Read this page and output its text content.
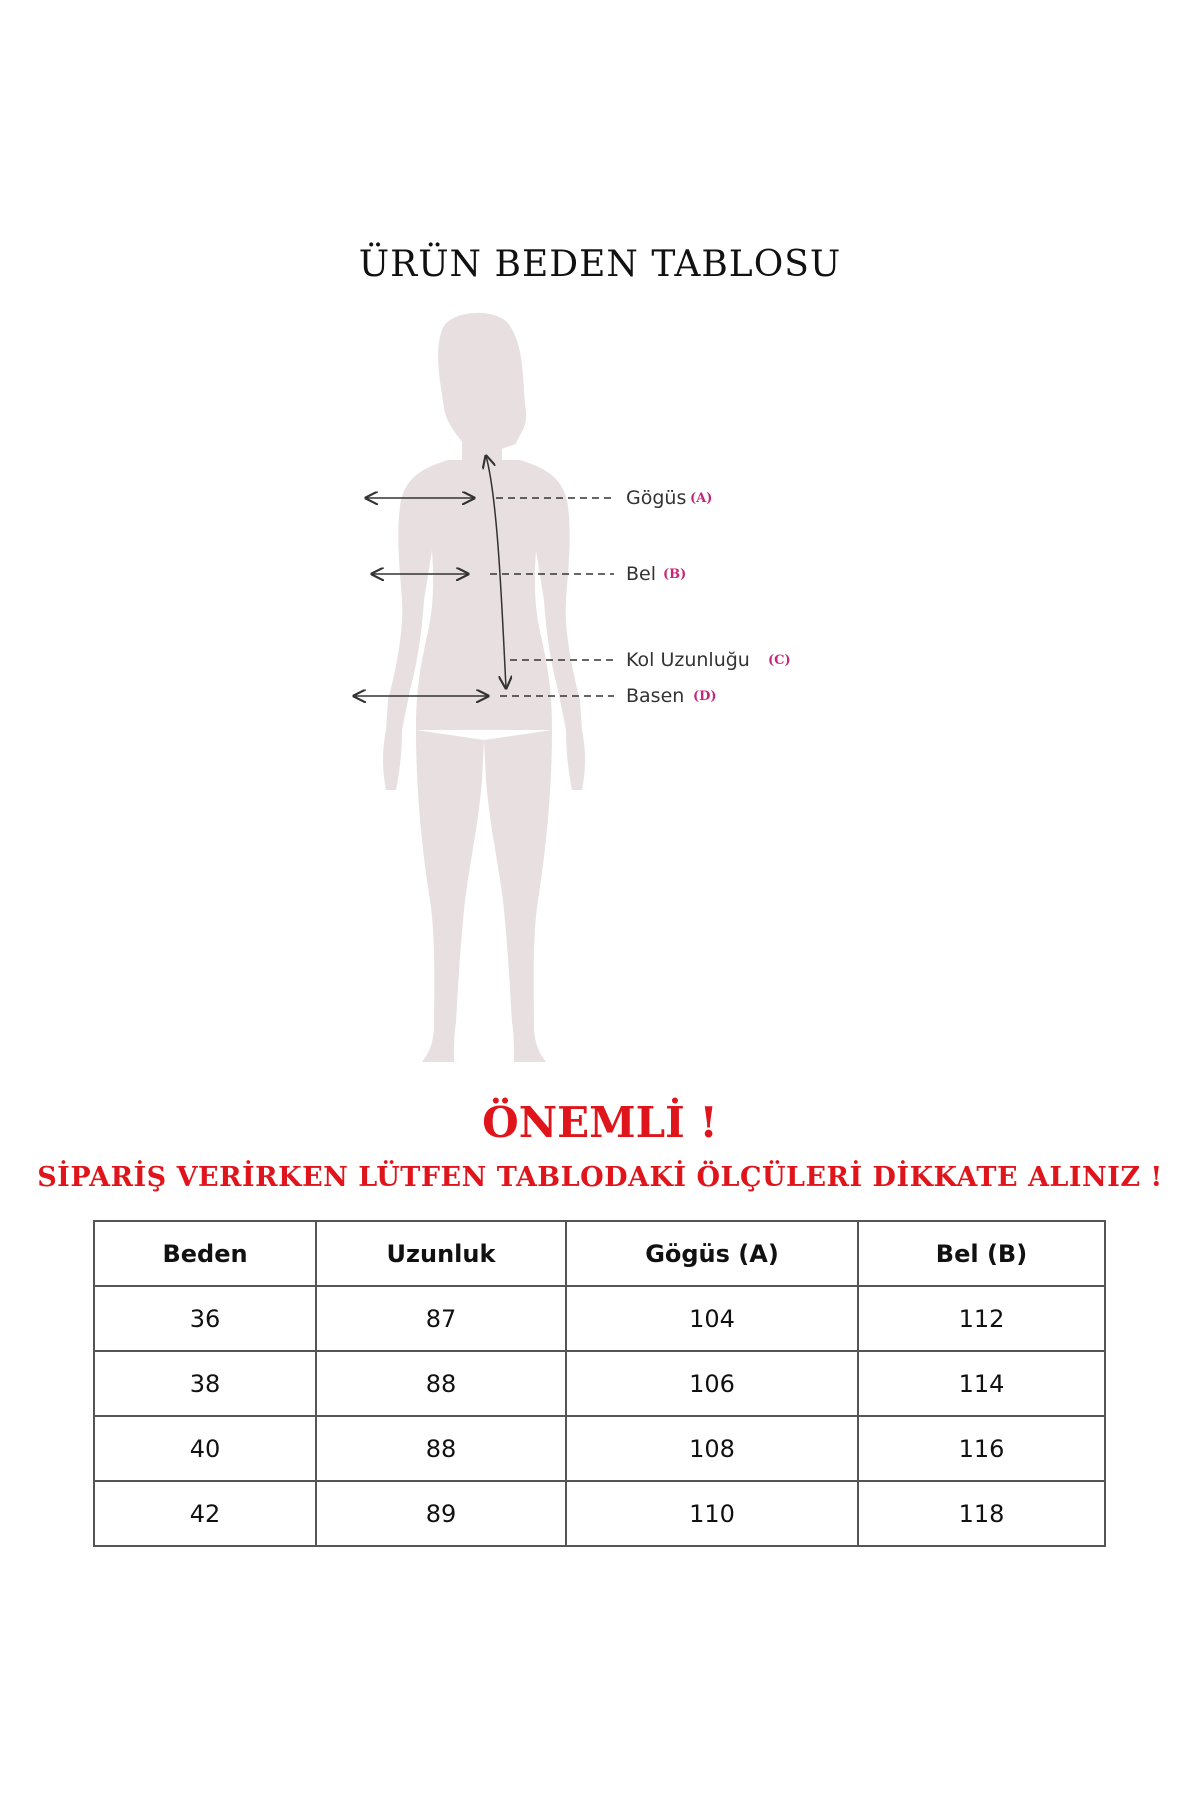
ÜRÜN BEDEN TABLOSU
Gögüs (A)
Bel (B)
Kol Uzunluğu (C)
Basen (D)
ÖNEMLİ !
SİPARİŞ VERİRKEN LÜTFEN TABLODAKİ ÖLÇÜLERİ DİKKATE ALINIZ !
Beden	Uzunluk	Gögüs (A)	Bel (B)
36	87	104	112
38	88	106	114
40	88	108	116
42	89	110	118
